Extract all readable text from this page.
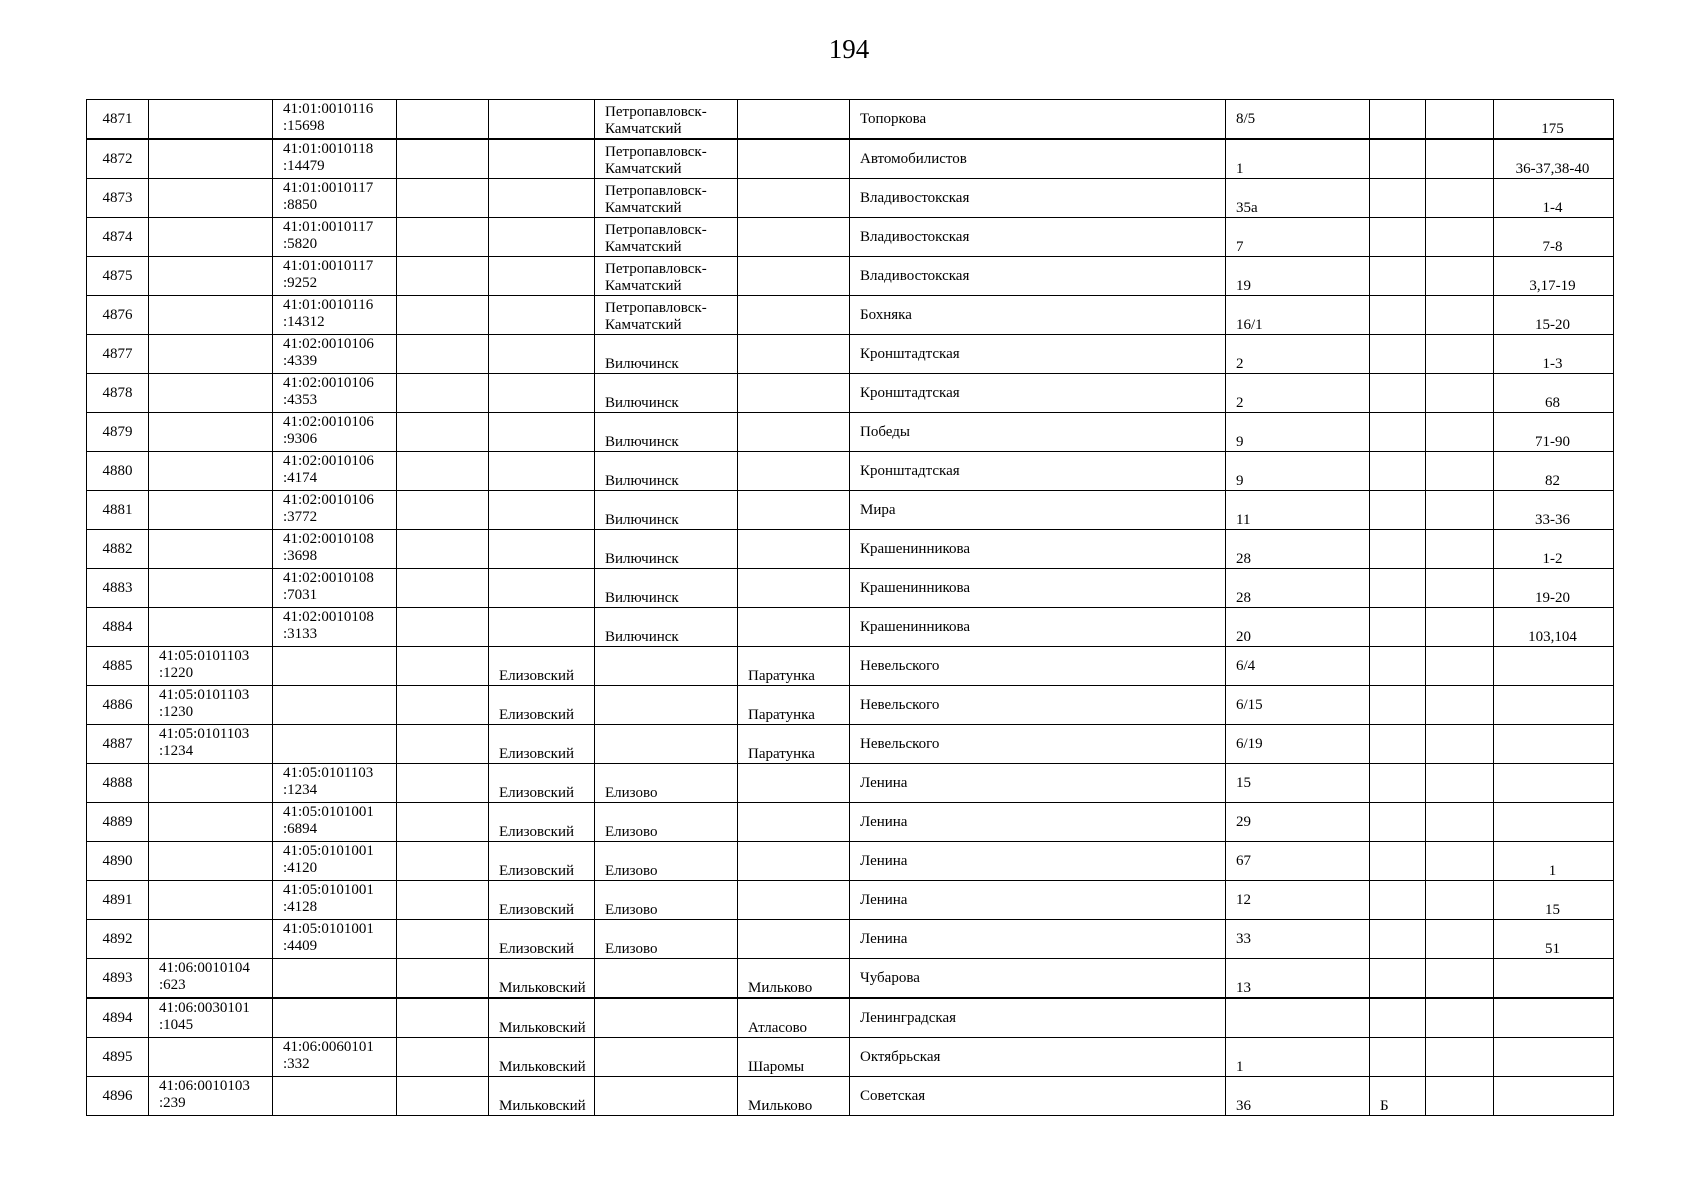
194
4871		41:01:0010116 :15698			Петропавловск-Камчатский		Топоркова	8/5			175
4872		41:01:0010118 :14479			Петропавловск-Камчатский		Автомобилистов	1			36-37,38-40
4873		41:01:0010117 :8850			Петропавловск-Камчатский		Владивостокская	35а			1-4
4874		41:01:0010117 :5820			Петропавловск-Камчатский		Владивостокская	7			7-8
4875		41:01:0010117 :9252			Петропавловск-Камчатский		Владивостокская	19			3,17-19
4876		41:01:0010116 :14312			Петропавловск-Камчатский		Бохняка	16/1			15-20
4877		41:02:0010106 :4339			Вилючинск		Кронштадтская	2			1-3
4878		41:02:0010106 :4353			Вилючинск		Кронштадтская	2			68
4879		41:02:0010106 :9306			Вилючинск		Победы	9			71-90
4880		41:02:0010106 :4174			Вилючинск		Кронштадтская	9			82
4881		41:02:0010106 :3772			Вилючинск		Мира	11			33-36
4882		41:02:0010108 :3698			Вилючинск		Крашенинникова	28			1-2
4883		41:02:0010108 :7031			Вилючинск		Крашенинникова	28			19-20
4884		41:02:0010108 :3133			Вилючинск		Крашенинникова	20			103,104
4885	41:05:0101103 :1220			Елизовский		Паратунка	Невельского	6/4			
4886	41:05:0101103 :1230			Елизовский		Паратунка	Невельского	6/15			
4887	41:05:0101103 :1234			Елизовский		Паратунка	Невельского	6/19			
4888		41:05:0101103 :1234		Елизовский	Елизово		Ленина	15			
4889		41:05:0101001 :6894		Елизовский	Елизово		Ленина	29			
4890		41:05:0101001 :4120		Елизовский	Елизово		Ленина	67			1
4891		41:05:0101001 :4128		Елизовский	Елизово		Ленина	12			15
4892		41:05:0101001 :4409		Елизовский	Елизово		Ленина	33			51
4893	41:06:0010104 :623			Мильковский		Мильково	Чубарова	13			
4894	41:06:0030101 :1045			Мильковский		Атласово	Ленинградская				
4895		41:06:0060101 :332		Мильковский		Шаромы	Октябрьская	1			
4896	41:06:0010103 :239			Мильковский		Мильково	Советская	36	Б		
